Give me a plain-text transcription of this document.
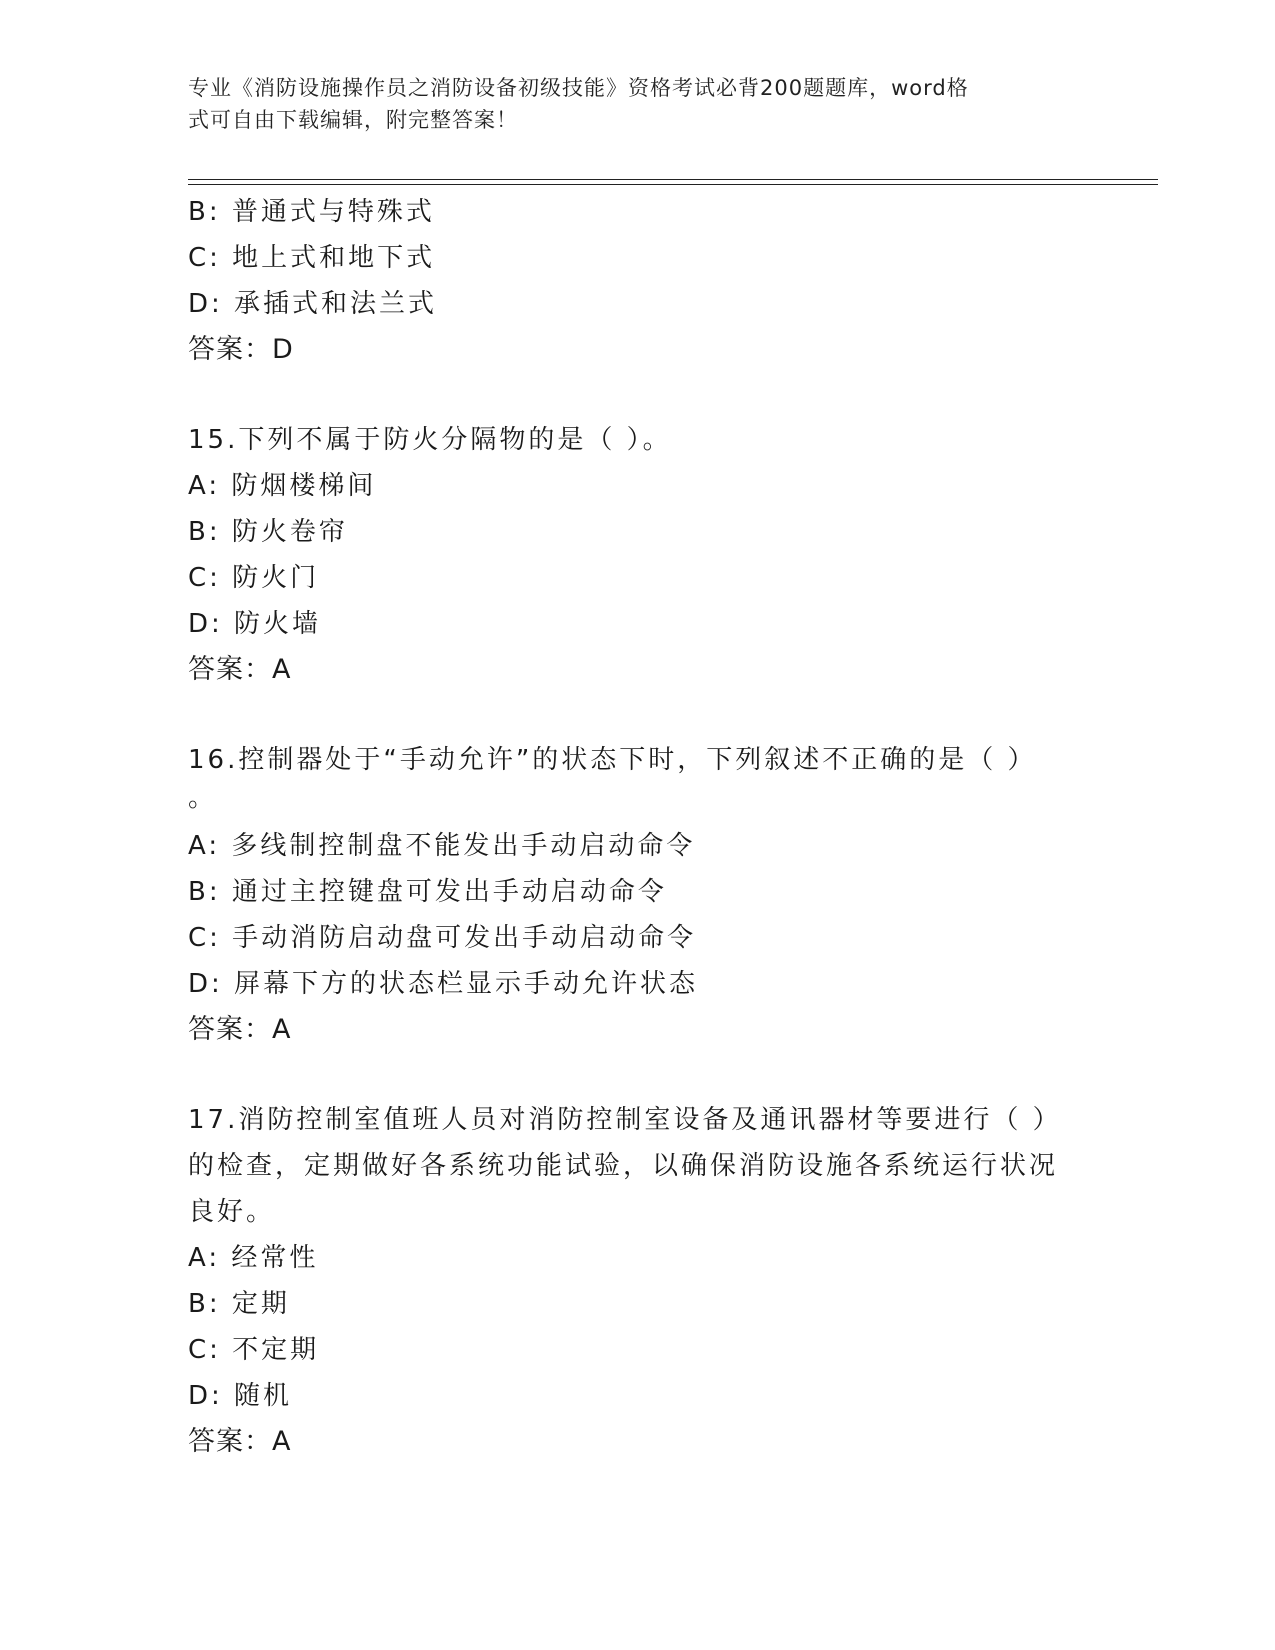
专业《消防设施操作员之消防设备初级技能》资格考试必背200题题库，word格
式可自由下载编辑，附完整答案！
B: 普通式与特殊式
C: 地上式和地下式
D: 承插式和法兰式
答案：D
15.下列不属于防火分隔物的是（ ）。
A: 防烟楼梯间
B: 防火卷帘
C: 防火门
D: 防火墙
答案：A
16.控制器处于“手动允许”的状态下时，下列叙述不正确的是（ ）
。
A: 多线制控制盘不能发出手动启动命令
B: 通过主控键盘可发出手动启动命令
C: 手动消防启动盘可发出手动启动命令
D: 屏幕下方的状态栏显示手动允许状态
答案：A
17.消防控制室值班人员对消防控制室设备及通讯器材等要进行（ ）
的检查，定期做好各系统功能试验，以确保消防设施各系统运行状况
良好。
A: 经常性
B: 定期
C: 不定期
D: 随机
答案：A
